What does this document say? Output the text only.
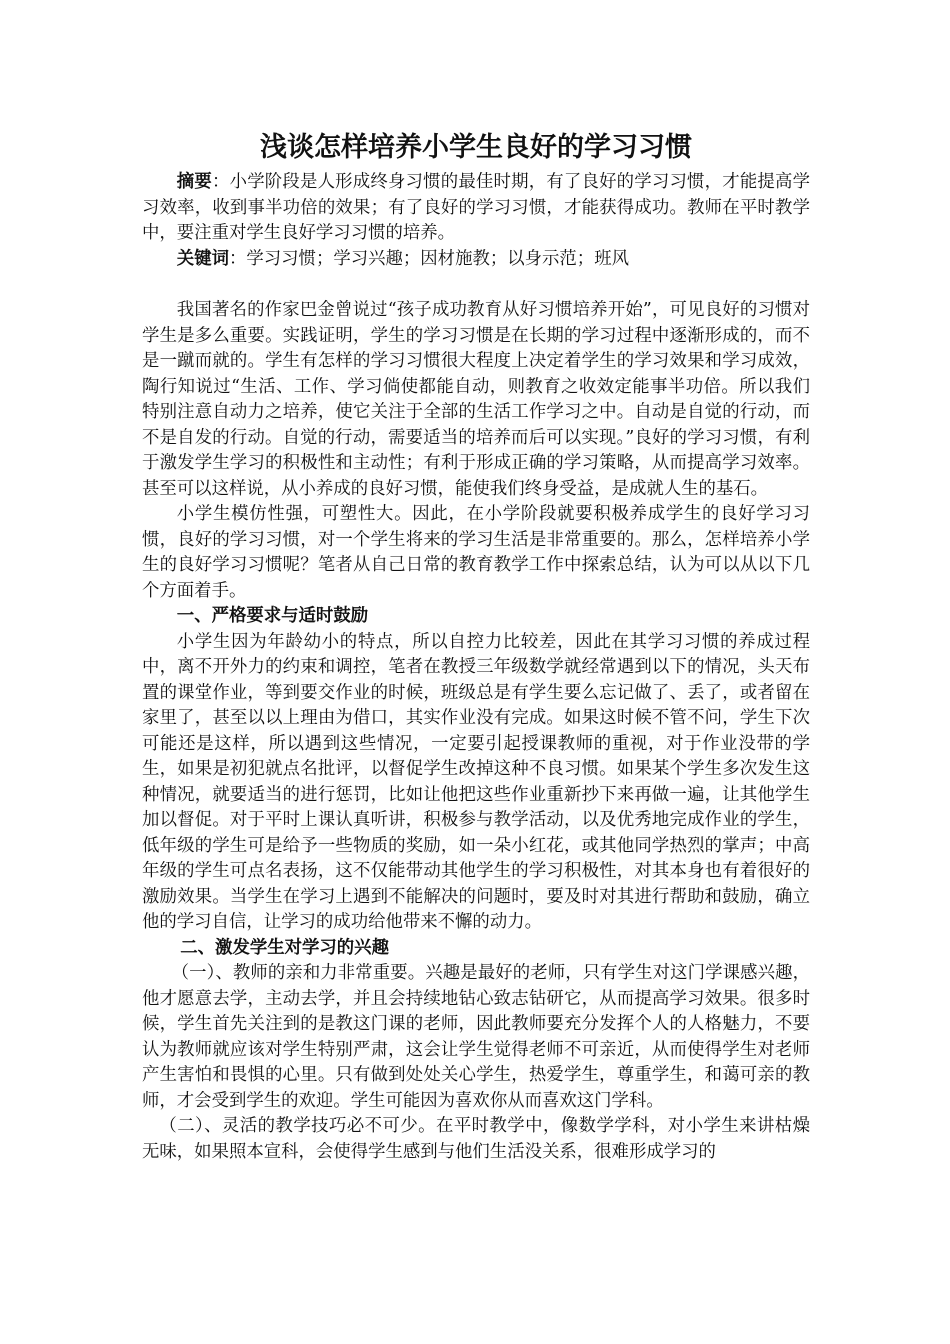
浅谈怎样培养小学生良好的学习习惯

摘要：小学阶段是人形成终身习惯的最佳时期，有了良好的学习习惯，才能提高学习效率，收到事半功倍的效果；有了良好的学习习惯，才能获得成功。教师在平时教学中，要注重对学生良好学习习惯的培养。

关键词：学习习惯；学习兴趣；因材施教；以身示范；班风

我国著名的作家巴金曾说过“孩子成功教育从好习惯培养开始”，可见良好的习惯对学生是多么重要。实践证明，学生的学习习惯是在长期的学习过程中逐渐形成的，而不是一蹴而就的。学生有怎样的学习习惯很大程度上决定着学生的学习效果和学习成效，陶行知说过“生活、工作、学习倘使都能自动，则教育之收效定能事半功倍。所以我们特别注意自动力之培养，使它关注于全部的生活工作学习之中。自动是自觉的行动，而不是自发的行动。自觉的行动，需要适当的培养而后可以实现。”良好的学习习惯，有利于激发学生学习的积极性和主动性；有利于形成正确的学习策略，从而提高学习效率。甚至可以这样说，从小养成的良好习惯，能使我们终身受益，是成就人生的基石。

小学生模仿性强，可塑性大。因此，在小学阶段就要积极养成学生的良好学习习惯，良好的学习习惯，对一个学生将来的学习生活是非常重要的。那么，怎样培养小学生的良好学习习惯呢？笔者从自己日常的教育教学工作中探索总结，认为可以从以下几个方面着手。

一、严格要求与适时鼓励

小学生因为年龄幼小的特点，所以自控力比较差，因此在其学习习惯的养成过程中，离不开外力的约束和调控，笔者在教授三年级数学就经常遇到以下的情况，头天布置的课堂作业，等到要交作业的时候，班级总是有学生要么忘记做了、丢了，或者留在家里了，甚至以以上理由为借口，其实作业没有完成。如果这时候不管不问，学生下次可能还是这样，所以遇到这些情况，一定要引起授课教师的重视，对于作业没带的学生，如果是初犯就点名批评，以督促学生改掉这种不良习惯。如果某个学生多次发生这种情况，就要适当的进行惩罚，比如让他把这些作业重新抄下来再做一遍，让其他学生加以督促。对于平时上课认真听讲，积极参与教学活动，以及优秀地完成作业的学生，低年级的学生可是给予一些物质的奖励，如一朵小红花，或其他同学热烈的掌声；中高年级的学生可点名表扬，这不仅能带动其他学生的学习积极性，对其本身也有着很好的激励效果。当学生在学习上遇到不能解决的问题时，要及时对其进行帮助和鼓励，确立他的学习自信，让学习的成功给他带来不懈的动力。

二、激发学生对学习的兴趣

（一）、教师的亲和力非常重要。兴趣是最好的老师，只有学生对这门学课感兴趣，他才愿意去学，主动去学，并且会持续地钻心致志钻研它，从而提高学习效果。很多时候，学生首先关注到的是教这门课的老师，因此教师要充分发挥个人的人格魅力，不要认为教师就应该对学生特别严肃，这会让学生觉得老师不可亲近，从而使得学生对老师产生害怕和畏惧的心里。只有做到处处关心学生，热爱学生，尊重学生，和蔼可亲的教师，才会受到学生的欢迎。学生可能因为喜欢你从而喜欢这门学科。

（二）、灵活的教学技巧必不可少。在平时教学中，像数学学科，对小学生来讲枯燥无味，如果照本宣科，会使得学生感到与他们生活没关系，很难形成学习的
